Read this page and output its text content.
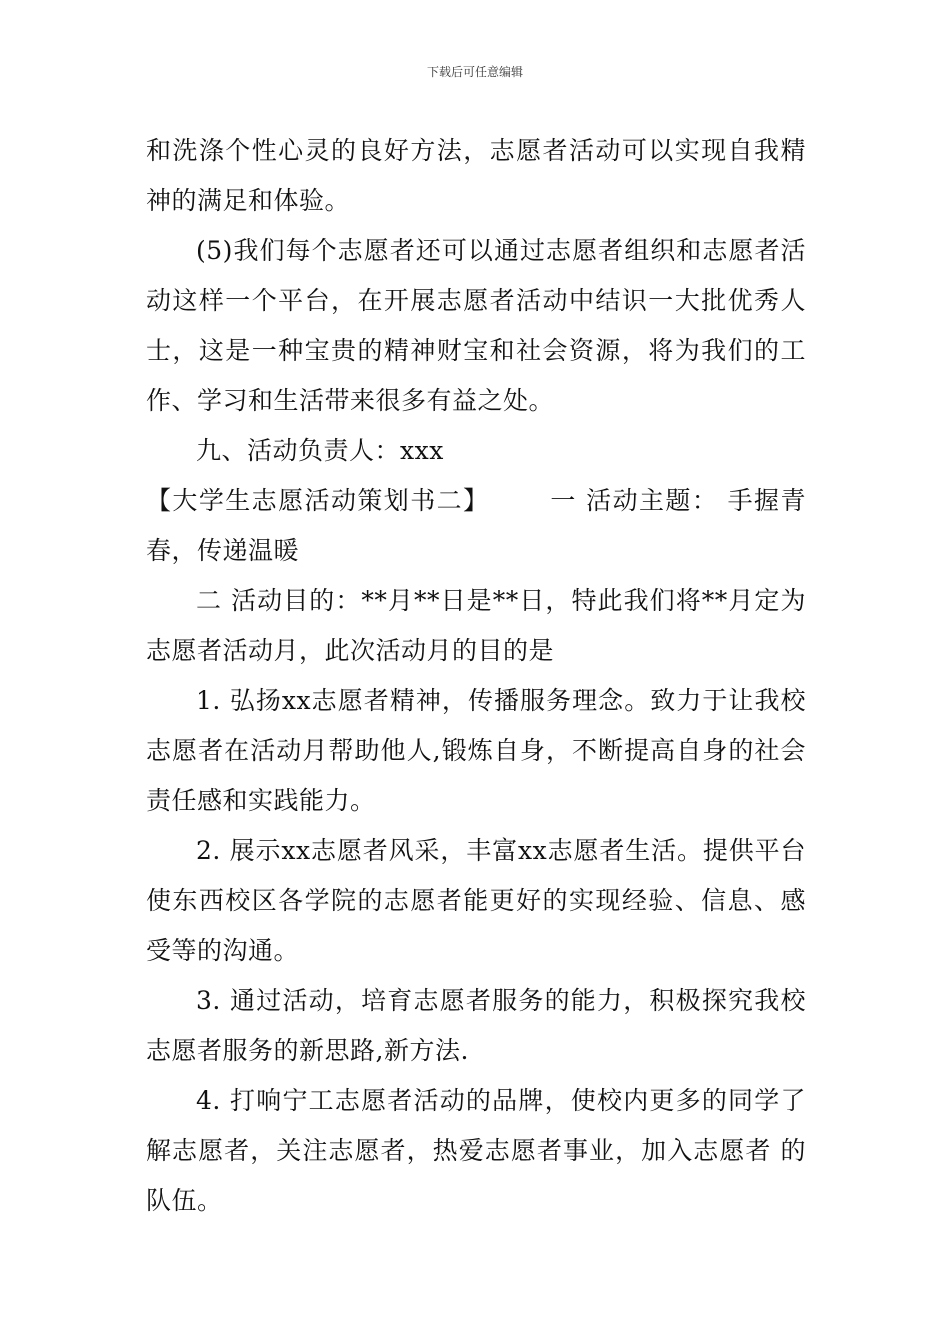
下载后可任意编辑

和洗涤个性心灵的良好方法，志愿者活动可以实现自我精神的满足和体验。

(5)我们每个志愿者还可以通过志愿者组织和志愿者活动这样一个平台，在开展志愿者活动中结识一大批优秀人士，这是一种宝贵的精神财宝和社会资源，将为我们的工作、学习和生活带来很多有益之处。

九、活动负责人：xxx

【大学生志愿活动策划书二】 一 活动主题： 手握青春，传递温暖

二 活动目的：**月**日是**日，特此我们将**月定为志愿者活动月，此次活动月的目的是

1. 弘扬xx志愿者精神，传播服务理念。致力于让我校志愿者在活动月帮助他人,锻炼自身，不断提高自身的社会责任感和实践能力。

2. 展示xx志愿者风采，丰富xx志愿者生活。提供平台使东西校区各学院的志愿者能更好的实现经验、信息、感受等的沟通。

3. 通过活动，培育志愿者服务的能力，积极探究我校志愿者服务的新思路,新方法.

4. 打响宁工志愿者活动的品牌，使校内更多的同学了解志愿者，关注志愿者，热爱志愿者事业，加入志愿者 的队伍。
